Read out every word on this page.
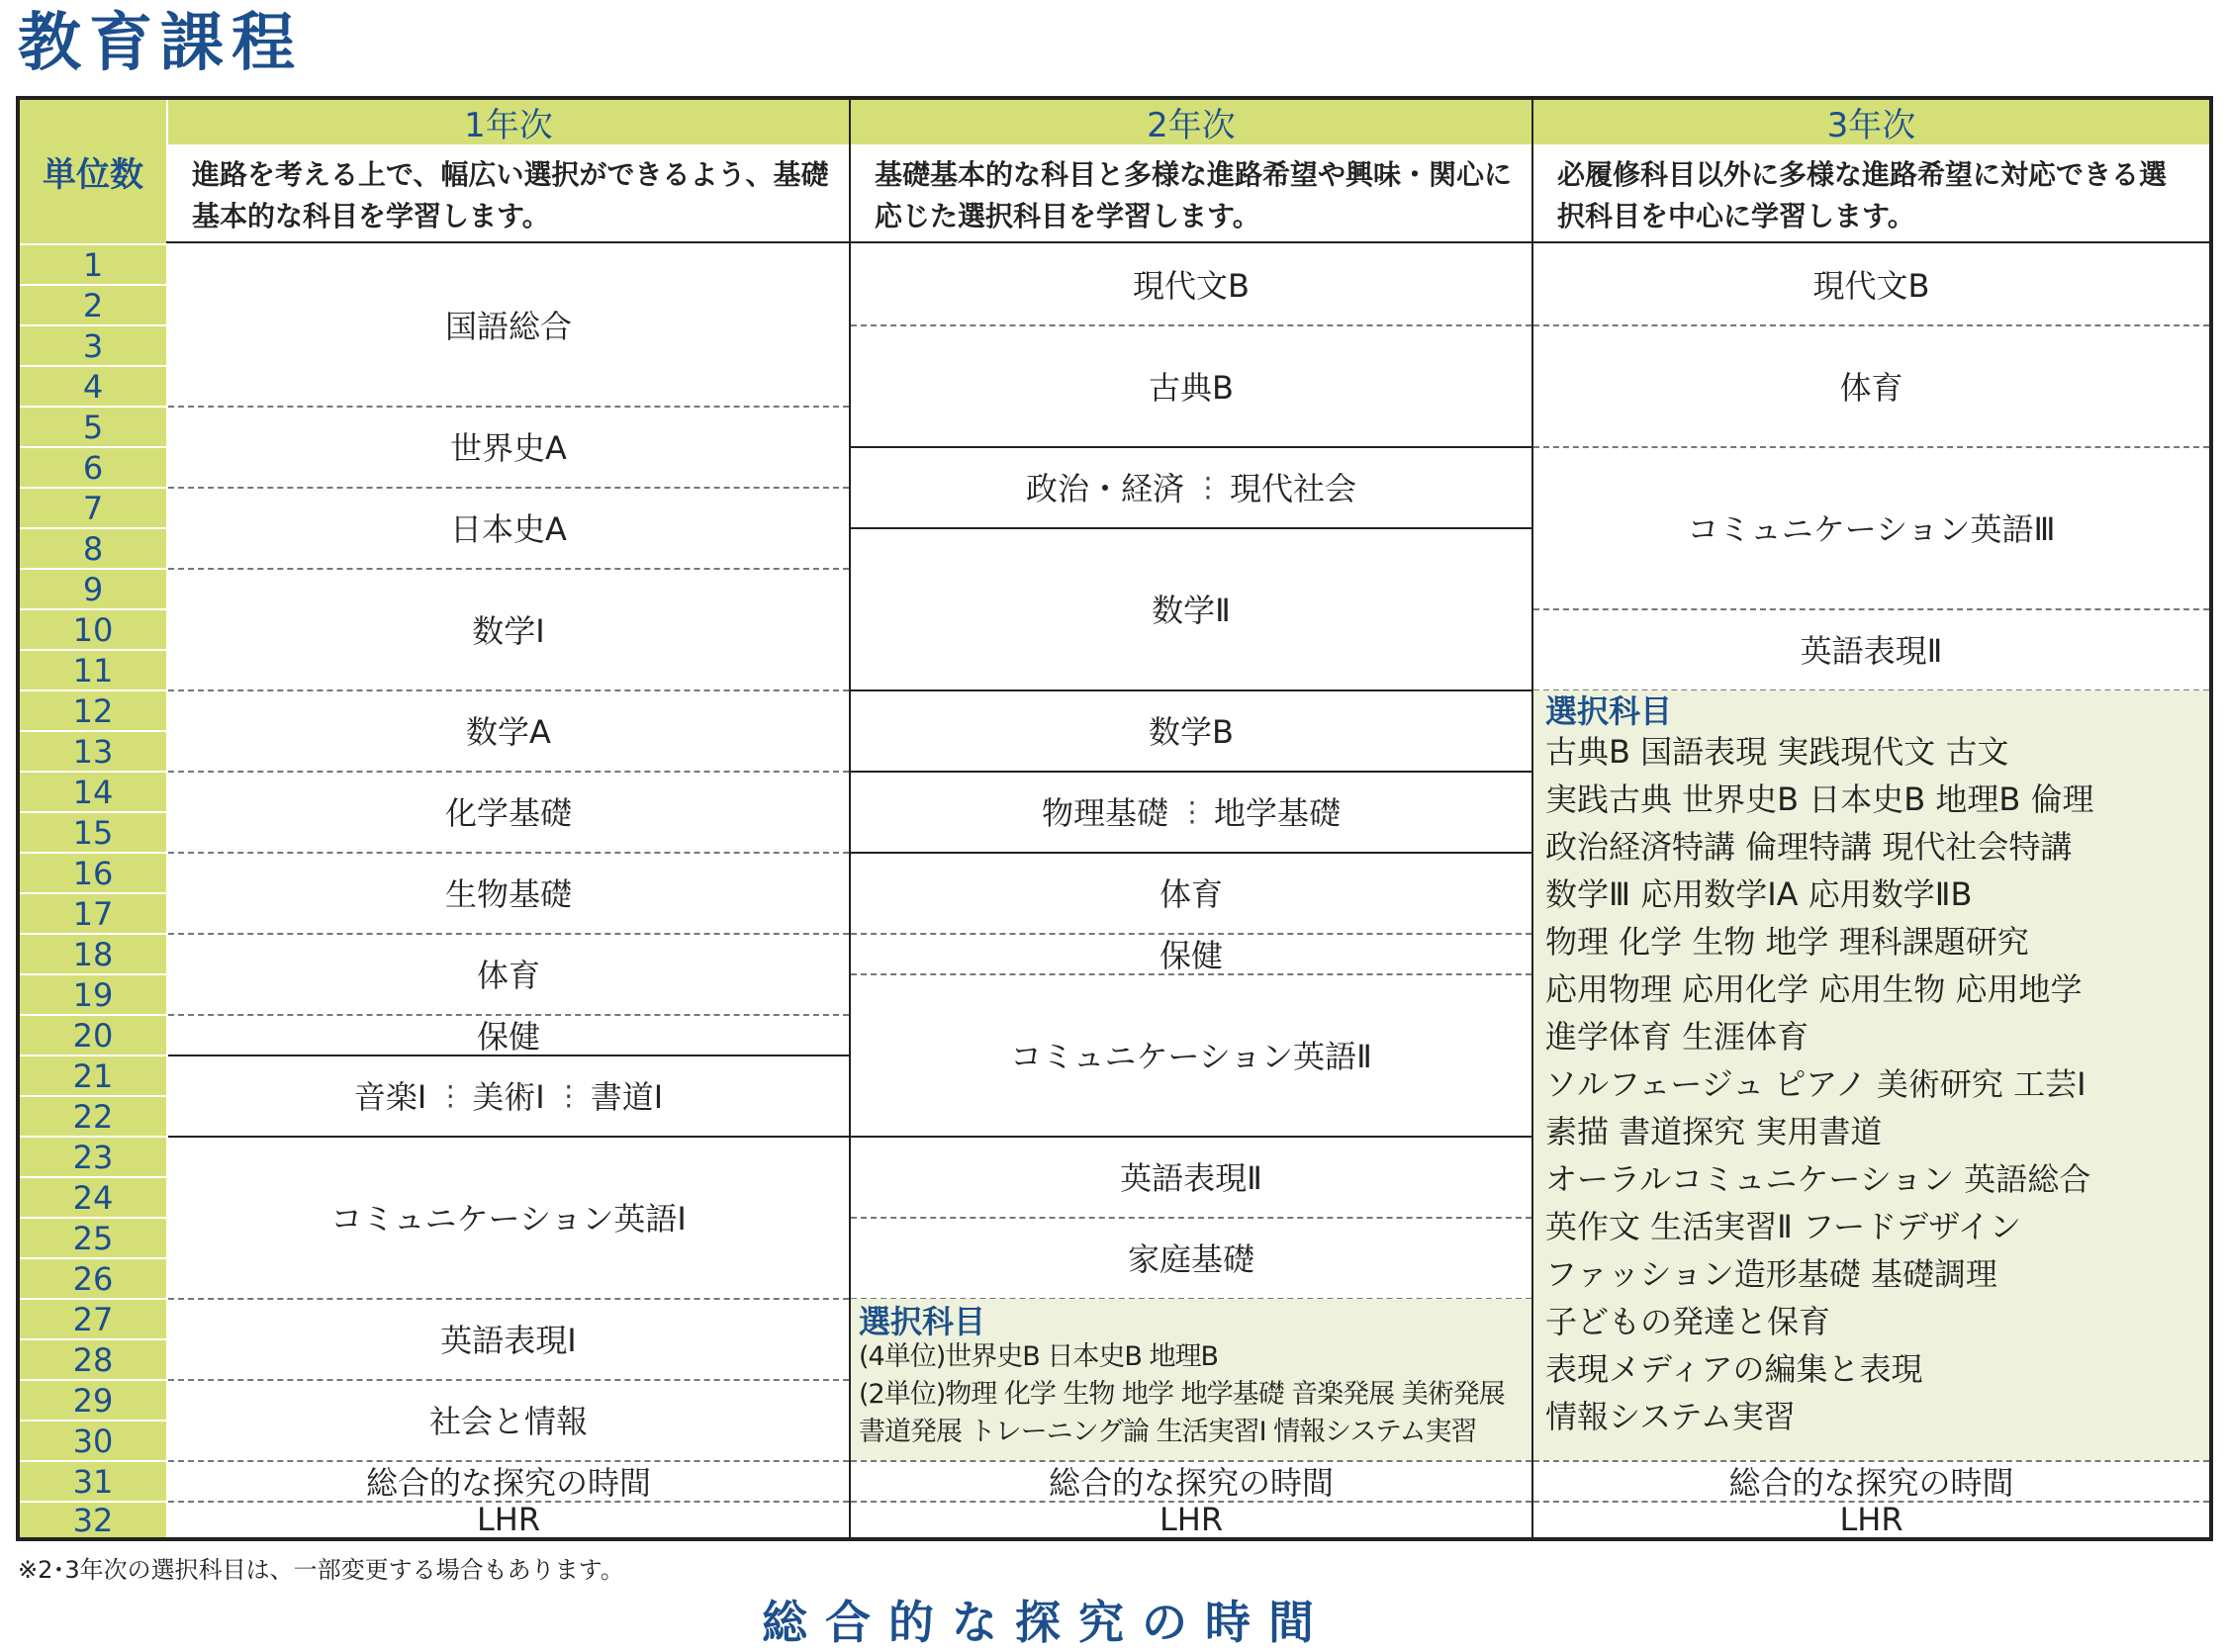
教育課程
単位数
1
2
3
4
5
6
7
8
9
10
11
12
13
14
15
16
17
18
19
20
21
22
23
24
25
26
27
28
29
30
31
32
1年次	2年次	3年次
進路を考える上で、幅広い選択ができるよう、基礎基本的な科目を学習します。
基礎基本的な科目と多様な進路希望や興味・関心に応じた選択科目を学習します。
必履修科目以外に多様な進路希望に対応できる選択科目を中心に学習します。
国語総合
世界史A
日本史A
数学Ⅰ
数学A
化学基礎
生物基礎
体育
保健
音楽Ⅰ ⋮ 美術Ⅰ ⋮ 書道Ⅰ
コミュニケーション英語Ⅰ
英語表現Ⅰ
社会と情報
総合的な探究の時間
LHR
現代文B
古典B
政治・経済 ⋮ 現代社会
数学Ⅱ
数学B
物理基礎 ⋮ 地学基礎
体育
保健
コミュニケーション英語Ⅱ
英語表現Ⅱ
家庭基礎
選択科目
(4単位)世界史B 日本史B 地理B
(2単位)物理 化学 生物 地学 地学基礎 音楽発展 美術発展
書道発展 トレーニング論 生活実習Ⅰ 情報システム実習
総合的な探究の時間
LHR
現代文B
体育
コミュニケーション英語Ⅲ
英語表現Ⅱ
選択科目
古典B 国語表現 実践現代文 古文
実践古典 世界史B 日本史B 地理B 倫理
政治経済特講 倫理特講 現代社会特講
数学Ⅲ 応用数学ⅠA 応用数学ⅡB
物理 化学 生物 地学 理科課題研究
応用物理 応用化学 応用生物 応用地学
進学体育 生涯体育
ソルフェージュ ピアノ 美術研究 工芸Ⅰ
素描 書道探究 実用書道
オーラルコミュニケーション 英語総合
英作文 生活実習Ⅱ フードデザイン
ファッション造形基礎 基礎調理
子どもの発達と保育
表現メディアの編集と表現
情報システム実習
総合的な探究の時間
LHR
※2･3年次の選択科目は、一部変更する場合もあります。
総合的な探究の時間
